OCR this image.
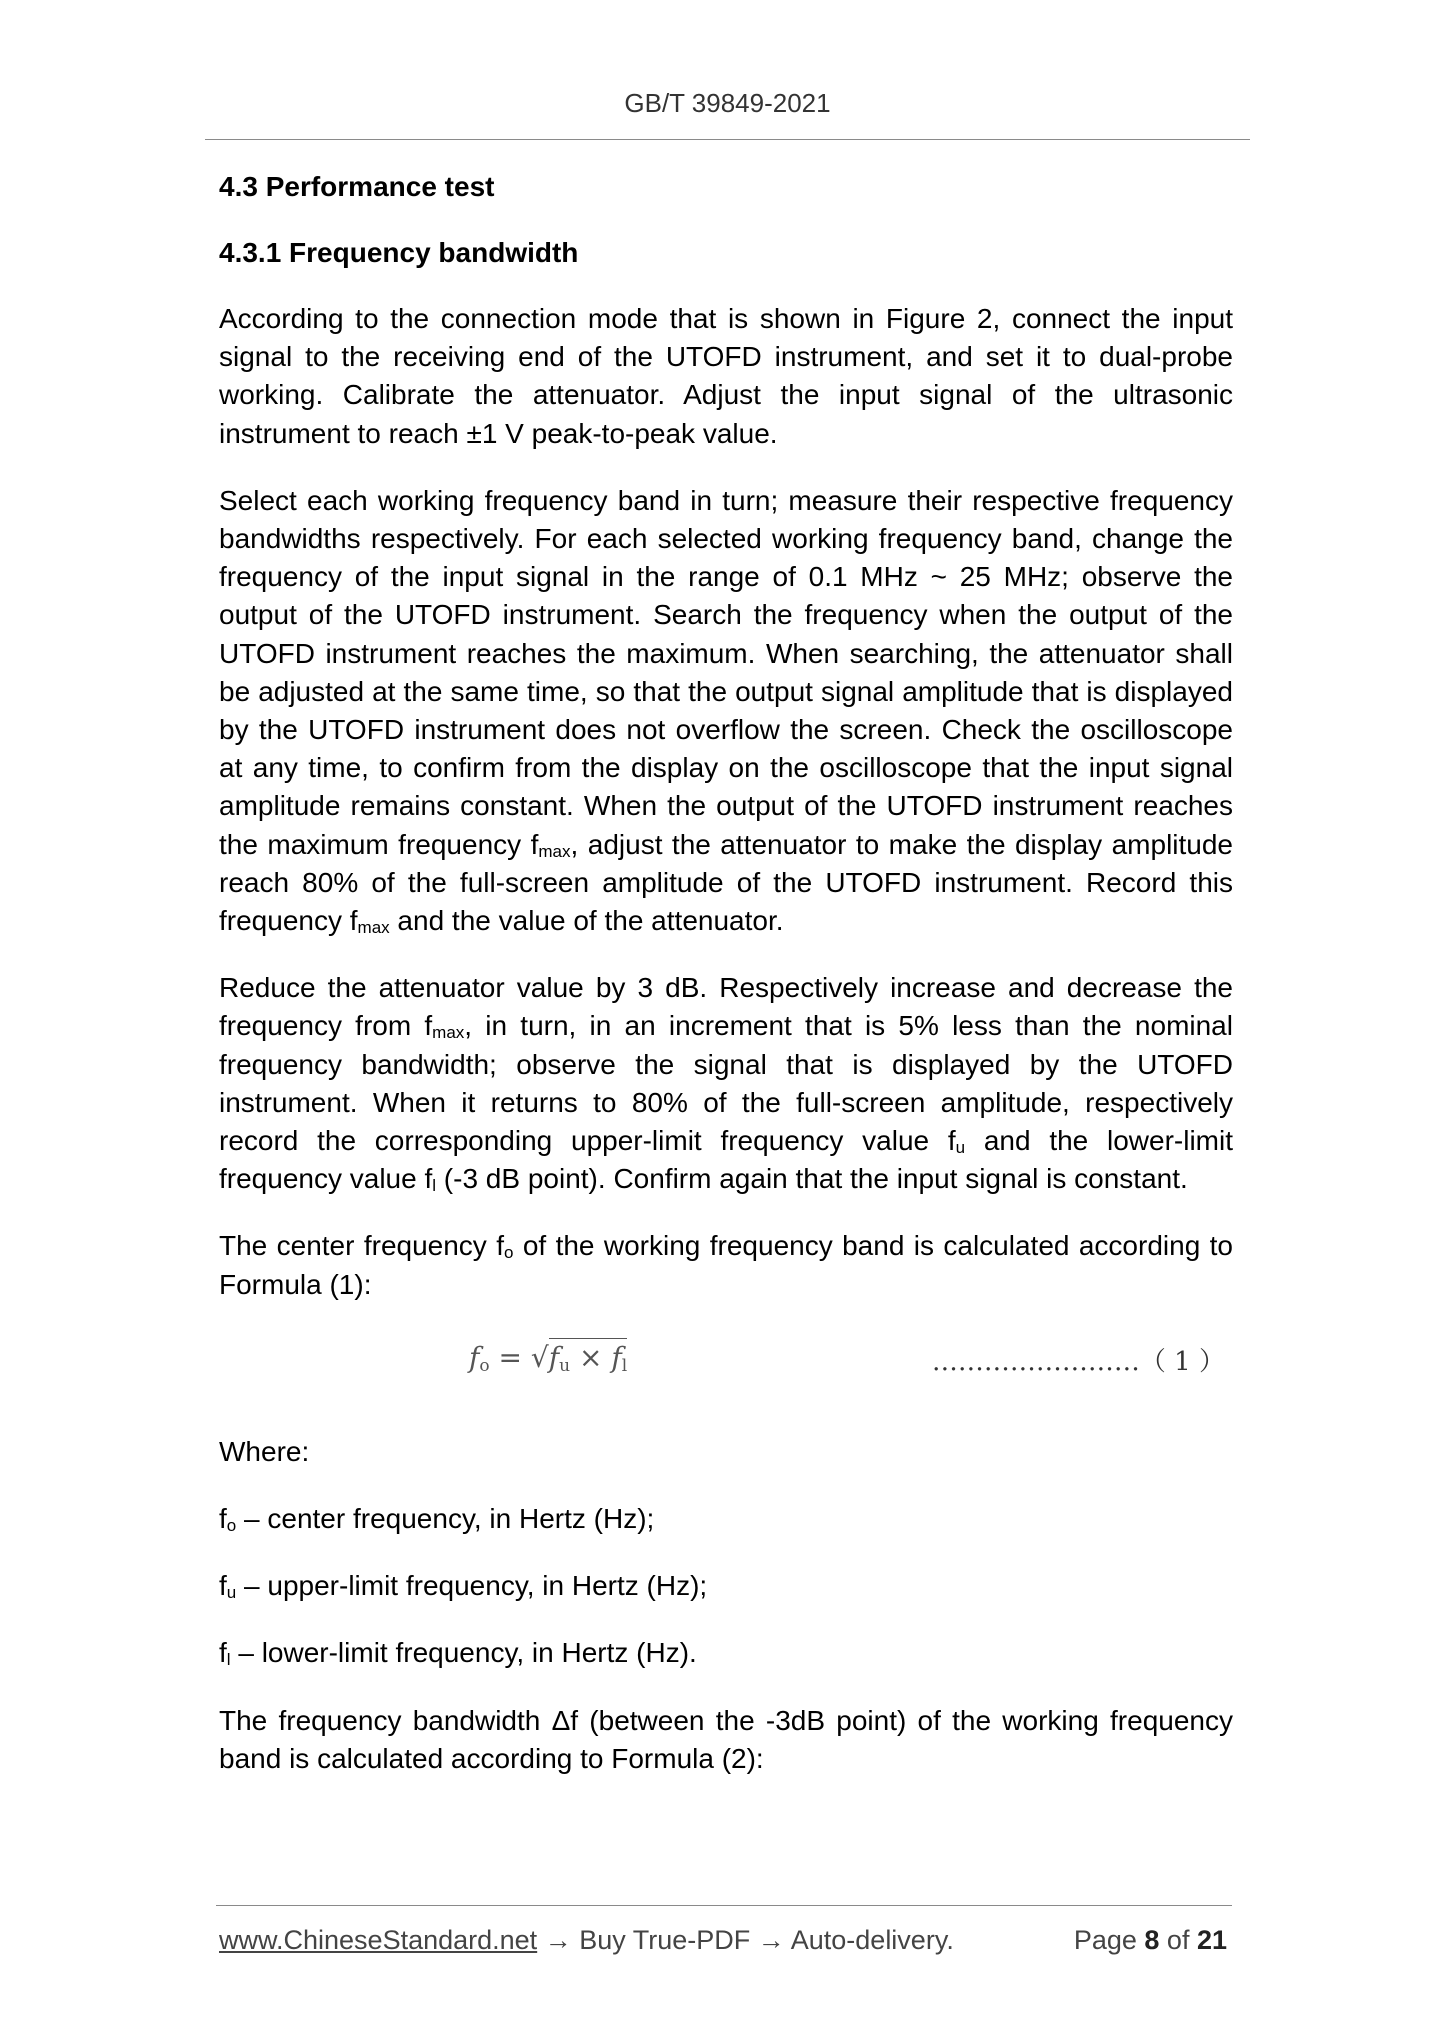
GB/T 39849-2021
4.3 Performance test
4.3.1 Frequency bandwidth

According to the connection mode that is shown in Figure 2, connect the input signal to the receiving end of the UTOFD instrument, and set it to dual-probe working. Calibrate the attenuator. Adjust the input signal of the ultrasonic instrument to reach ±1 V peak-to-peak value.

Select each working frequency band in turn; measure their respective frequency bandwidths respectively. For each selected working frequency band, change the frequency of the input signal in the range of 0.1 MHz ~ 25 MHz; observe the output of the UTOFD instrument. Search the frequency when the output of the UTOFD instrument reaches the maximum. When searching, the attenuator shall be adjusted at the same time, so that the output signal amplitude that is displayed by the UTOFD instrument does not overflow the screen. Check the oscilloscope at any time, to confirm from the display on the oscilloscope that the input signal amplitude remains constant. When the output of the UTOFD instrument reaches the maximum frequency $f_{max}$, adjust the attenuator to make the display amplitude reach 80% of the full-screen amplitude of the UTOFD instrument. Record this frequency $f_{max}$ and the value of the attenuator.

Reduce the attenuator value by 3 dB. Respectively increase and decrease the frequency from $f_{max}$, in turn, in an increment that is 5% less than the nominal frequency bandwidth; observe the signal that is displayed by the UTOFD instrument. When it returns to 80% of the full-screen amplitude, respectively record the corresponding upper-limit frequency value $f_u$ and the lower-limit frequency value $f_l$ (-3 dB point). Confirm again that the input signal is constant.

The center frequency $f_o$ of the working frequency band is calculated according to Formula (1):

fo = √fu × fl	……………………（ 1 ）

Where:

$f_o$ – center frequency, in Hertz (Hz);

$f_u$ – upper-limit frequency, in Hertz (Hz);

$f_l$ – lower-limit frequency, in Hertz (Hz).

The frequency bandwidth Δf (between the -3dB point) of the working frequency band is calculated according to Formula (2):

www.ChineseStandard.net → Buy True-PDF → Auto-delivery.	Page 8 of 21
